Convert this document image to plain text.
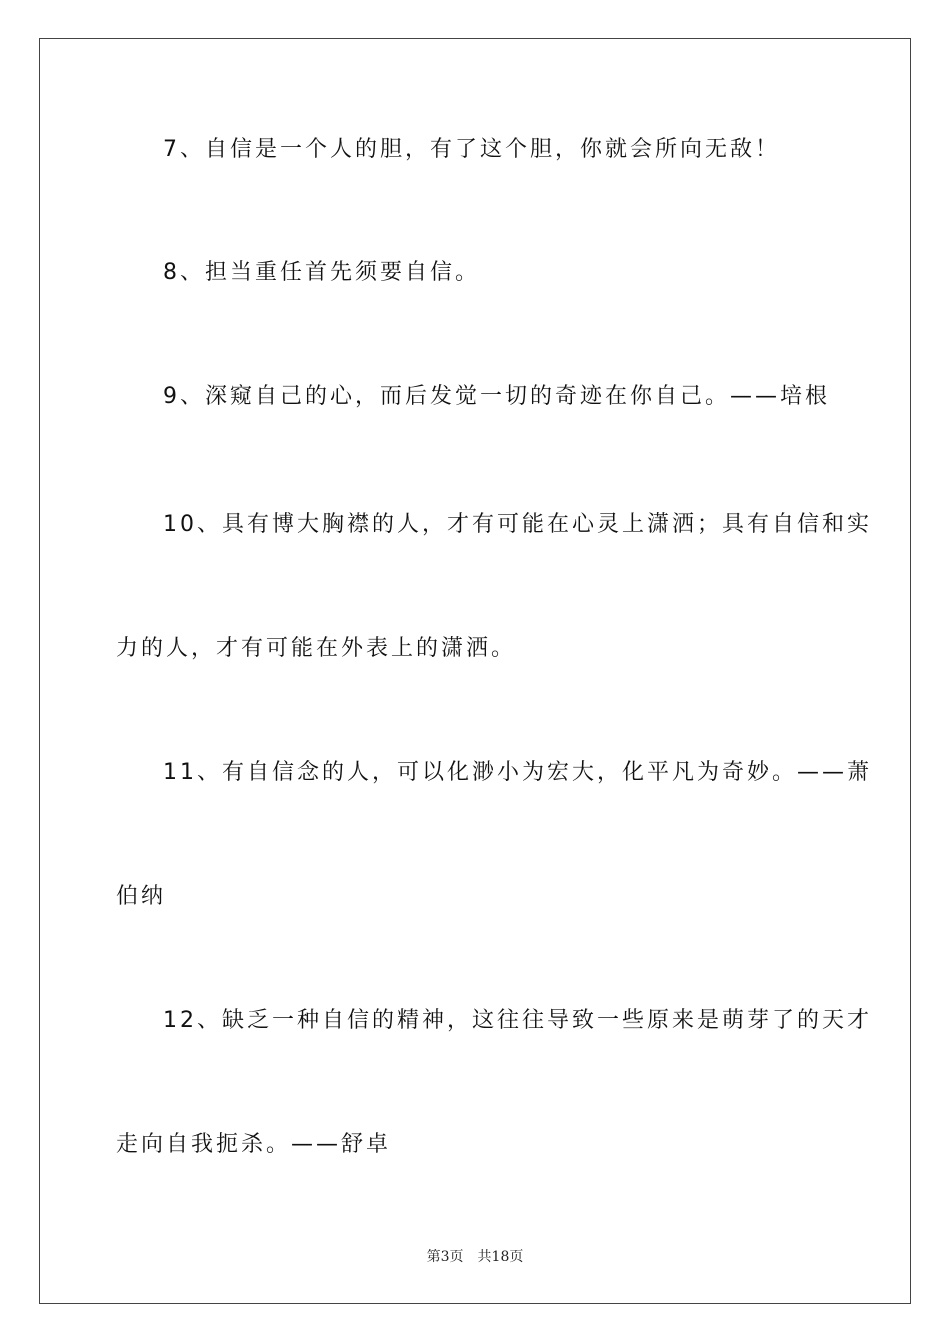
7、自信是一个人的胆，有了这个胆，你就会所向无敌！
8、担当重任首先须要自信。
9、深窥自己的心，而后发觉一切的奇迹在你自己。——培根
10、具有博大胸襟的人，才有可能在心灵上潇洒；具有自信和实
力的人，才有可能在外表上的潇洒。
11、有自信念的人，可以化渺小为宏大，化平凡为奇妙。——萧
伯纳
12、缺乏一种自信的精神，这往往导致一些原来是萌芽了的天才
走向自我扼杀。——舒卓
第3页 共18页
